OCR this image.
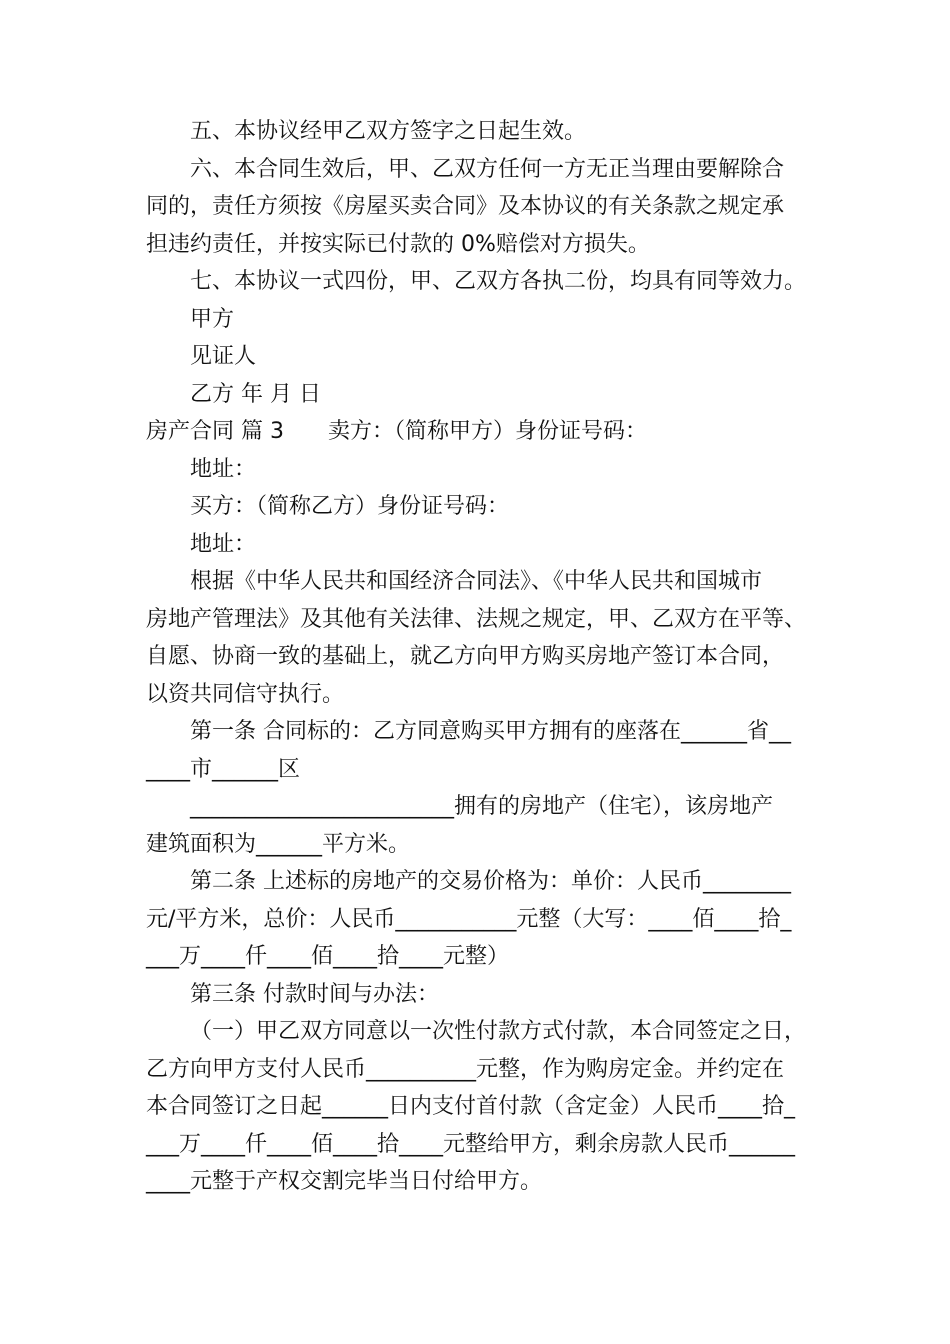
五、本协议经甲乙双方签字之日起生效。
六、本合同生效后，甲、乙双方任何一方无正当理由要解除合
同的，责任方须按《房屋买卖合同》及本协议的有关条款之规定承
担违约责任，并按实际已付款的 0%赔偿对方损失。
七、本协议一式四份，甲、乙双方各执二份，均具有同等效力。
甲方
见证人
乙方 年 月 日
房产合同 篇 3　　卖方：（简称甲方）身份证号码：
地址：
买方：（简称乙方）身份证号码：
地址：
根据《中华人民共和国经济合同法》、《中华人民共和国城市
房地产管理法》及其他有关法律、法规之规定，甲、乙双方在平等、
自愿、协商一致的基础上，就乙方向甲方购买房地产签订本合同，
以资共同信守执行。
第一条 合同标的：乙方同意购买甲方拥有的座落在______省__
____市______区
________________________拥有的房地产（住宅），该房地产
建筑面积为______平方米。
第二条 上述标的房地产的交易价格为：单价：人民币________
元/平方米，总价：人民币___________元整（大写：____佰____拾_
___万____仟____佰____拾____元整）
第三条 付款时间与办法：
（一）甲乙双方同意以一次性付款方式付款，本合同签定之日，
乙方向甲方支付人民币__________元整，作为购房定金。并约定在
本合同签订之日起______日内支付首付款（含定金）人民币____拾_
___万____仟____佰____拾____元整给甲方，剩余房款人民币______
____元整于产权交割完毕当日付给甲方。
